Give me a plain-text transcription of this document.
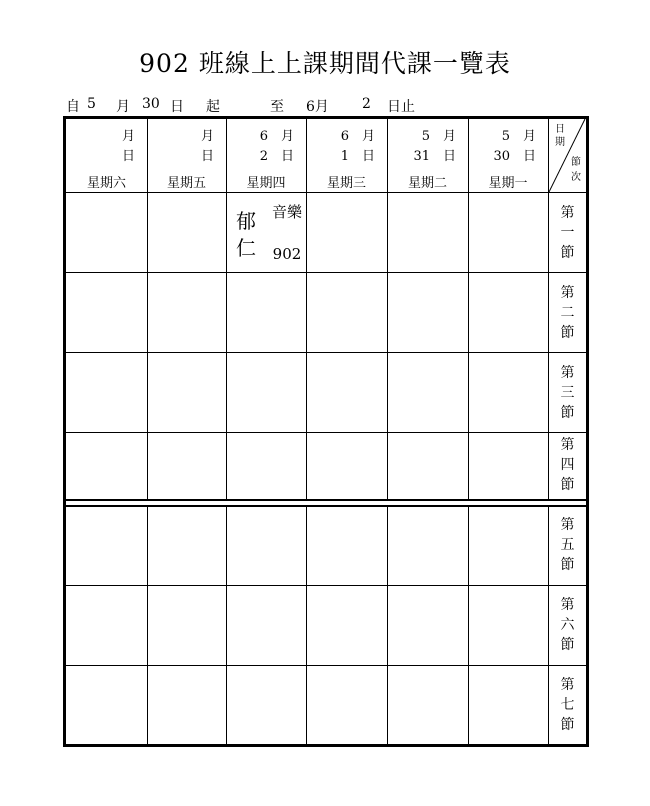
902 班線上上課期間代課一覽表
自 5 月 30 日 起	至 6月 2 日止
月
日
星期六
月
日
星期五
6　月
2　日
星期四
6　月
1　日
星期三
5　月
31　日
星期二
5　月
30　日
星期一
日期
節次
第
一
節
第
二
節
第
三
節
第
四
節
第
五
節
第
六
節
第
七
節
郁仁
音樂
902
